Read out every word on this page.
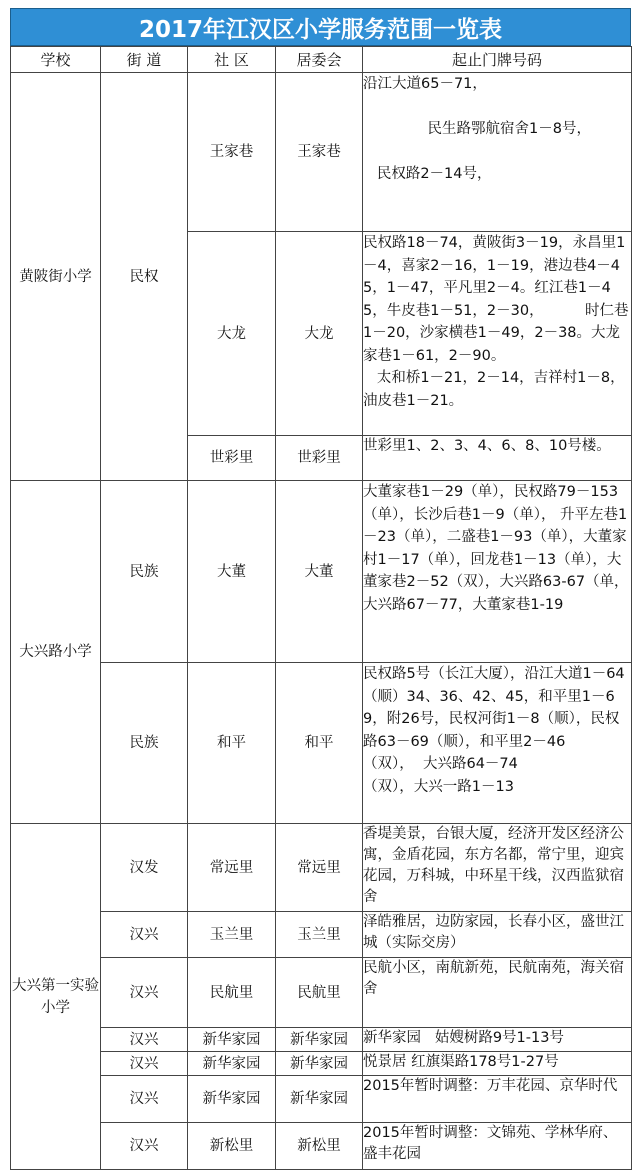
2017年江汉区小学服务范围一览表
学校	街 道	社 区	居委会	起止门牌号码
黄陂街小学	民权	王家巷	王家巷	沿江大道65－71，

民生路鄂航宿舍1－8号，

民权路2－14号，
		大龙	大龙	民权路18－74，黄陂街3－19，永昌里1－4，喜家2－16，1－19，港边巷4－45，1－47，平凡里2－4。红江巷1－45，牛皮巷1－51，2－30，         时仁巷1－20，沙家横巷1－49，2－38。大龙家巷1－61，2－90。
太和桥1－21，2－14，吉祥村1－8，油皮巷1－21。
		世彩里	世彩里	世彩里1、2、3、4、6、8、10号楼。
大兴路小学	民族	大董	大董	大董家巷1－29（单），民权路79－153（单），长沙后巷1－9（单）， 升平左巷1－23（单），二盛巷1－93（单），大董家村1－17（单），回龙巷1－13（单），大董家巷2－52（双），大兴路63-67（单，大兴路67－77，大董家巷1-19
	民族	和平	和平	民权路5号（长江大厦），沿江大道1－64（顺）34、36、42、45，和平里1－69，附26号，民权河街1－8（顺），民权路63－69（顺），和平里2－46
（双），  大兴路64－74
（双），大兴一路1－13
大兴第一实验小学	汉发	常远里	常远里	香堤美景，台银大厦，经济开发区经济公寓，金盾花园，东方名都，常宁里，迎宾花园，万科城，中环星干线，汉西监狱宿舍
	汉兴	玉兰里	玉兰里	泽皓雅居，边防家园，长春小区，盛世江城（实际交房）
	汉兴	民航里	民航里	民航小区，南航新苑，民航南苑，海关宿舍
	汉兴	新华家园	新华家园	新华家园   姑嫂树路9号1-13号
	汉兴	新华家园	新华家园	悦景居 红旗渠路178号1-27号
	汉兴	新华家园	新华家园	2015年暂时调整：万丰花园、京华时代
	汉兴	新松里	新松里	2015年暂时调整：文锦苑、学林华府、盛丰花园
